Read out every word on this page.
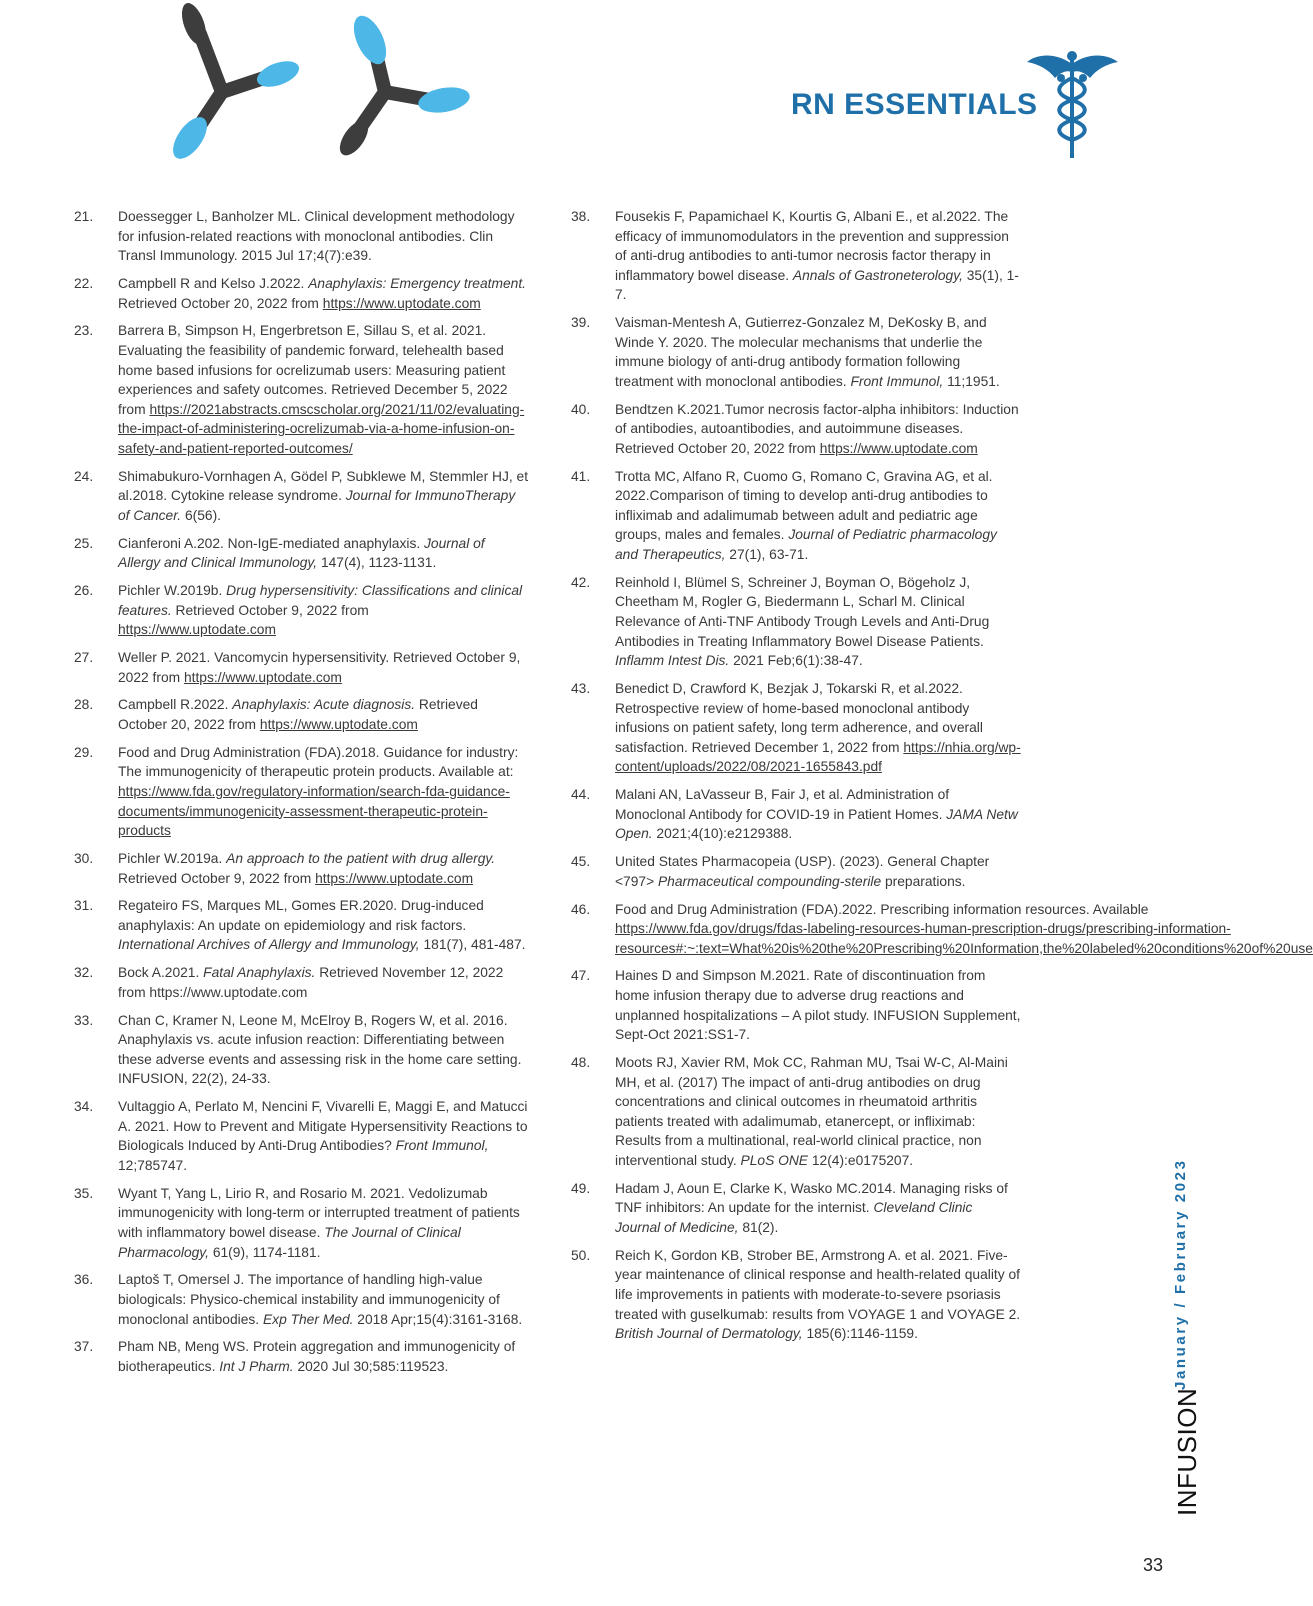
RN ESSENTIALS
21.	Doessegger L, Banholzer ML. Clinical development methodology for infusion-related reactions with monoclonal antibodies. Clin Transl Immunology. 2015 Jul 17;4(7):e39.
22.	Campbell R and Kelso J.2022. Anaphylaxis: Emergency treatment. Retrieved October 20, 2022 from https://www.uptodate.com
23.	Barrera B, Simpson H, Engerbretson E, Sillau S, et al. 2021. Evaluating the feasibility of pandemic forward, telehealth based home based infusions for ocrelizumab users: Measuring patient experiences and safety outcomes. Retrieved December 5, 2022 from https://2021abstracts.cmscscholar.org/2021/11/02/evaluating-the-impact-of-administering-ocrelizumab-via-a-home-infusion-on-safety-and-patient-reported-outcomes/
24.	Shimabukuro-Vornhagen A, Gödel P, Subklewe M, Stemmler HJ, et al.2018. Cytokine release syndrome. Journal for ImmunoTherapy of Cancer. 6(56).
25.	Cianferoni A.202. Non-IgE-mediated anaphylaxis. Journal of Allergy and Clinical Immunology, 147(4), 1123-1131.
26.	Pichler W.2019b. Drug hypersensitivity: Classifications and clinical features. Retrieved October 9, 2022 from https://www.uptodate.com
27.	Weller P. 2021. Vancomycin hypersensitivity. Retrieved October 9, 2022 from https://www.uptodate.com
28.	Campbell R.2022. Anaphylaxis: Acute diagnosis. Retrieved October 20, 2022 from https://www.uptodate.com
29.	Food and Drug Administration (FDA).2018. Guidance for industry: The immunogenicity of therapeutic protein products. Available at: https://www.fda.gov/regulatory-information/search-fda-guidance-documents/immunogenicity-assessment-therapeutic-protein-products
30.	Pichler W.2019a. An approach to the patient with drug allergy. Retrieved October 9, 2022 from https://www.uptodate.com
31.	Regateiro FS, Marques ML, Gomes ER.2020. Drug-induced anaphylaxis: An update on epidemiology and risk factors. International Archives of Allergy and Immunology, 181(7), 481-487.
32.	Bock A.2021. Fatal Anaphylaxis. Retrieved November 12, 2022 from https://www.uptodate.com
33.	Chan C, Kramer N, Leone M, McElroy B, Rogers W, et al. 2016. Anaphylaxis vs. acute infusion reaction: Differentiating between these adverse events and assessing risk in the home care setting. INFUSION, 22(2), 24-33.
34.	Vultaggio A, Perlato M, Nencini F, Vivarelli E, Maggi E, and Matucci A. 2021. How to Prevent and Mitigate Hypersensitivity Reactions to Biologicals Induced by Anti-Drug Antibodies? Front Immunol, 12;785747.
35.	Wyant T, Yang L, Lirio R, and Rosario M. 2021. Vedolizumab immunogenicity with long-term or interrupted treatment of patients with inflammatory bowel disease. The Journal of Clinical Pharmacology, 61(9), 1174-1181.
36.	Laptoš T, Omersel J. The importance of handling high-value biologicals: Physico-chemical instability and immunogenicity of monoclonal antibodies. Exp Ther Med. 2018 Apr;15(4):3161-3168.
37.	Pham NB, Meng WS. Protein aggregation and immunogenicity of biotherapeutics. Int J Pharm. 2020 Jul 30;585:119523.
38.	Fousekis F, Papamichael K, Kourtis G, Albani E., et al.2022. The efficacy of immunomodulators in the prevention and suppression of anti-drug antibodies to anti-tumor necrosis factor therapy in inflammatory bowel disease. Annals of Gastroneterology, 35(1), 1-7.
39.	Vaisman-Mentesh A, Gutierrez-Gonzalez M, DeKosky B, and Winde Y. 2020. The molecular mechanisms that underlie the immune biology of anti-drug antibody formation following treatment with monoclonal antibodies. Front Immunol, 11;1951.
40.	Bendtzen K.2021.Tumor necrosis factor-alpha inhibitors: Induction of antibodies, autoantibodies, and autoimmune diseases. Retrieved October 20, 2022 from https://www.uptodate.com
41.	Trotta MC, Alfano R, Cuomo G, Romano C, Gravina AG, et al. 2022.Comparison of timing to develop anti-drug antibodies to infliximab and adalimumab between adult and pediatric age groups, males and females. Journal of Pediatric pharmacology and Therapeutics, 27(1), 63-71.
42.	Reinhold I, Blümel S, Schreiner J, Boyman O, Bögeholz J, Cheetham M, Rogler G, Biedermann L, Scharl M. Clinical Relevance of Anti-TNF Antibody Trough Levels and Anti-Drug Antibodies in Treating Inflammatory Bowel Disease Patients. Inflamm Intest Dis. 2021 Feb;6(1):38-47.
43.	Benedict D, Crawford K, Bezjak J, Tokarski R, et al.2022. Retrospective review of home-based monoclonal antibody infusions on patient safety, long term adherence, and overall satisfaction. Retrieved December 1, 2022 from https://nhia.org/wp-content/uploads/2022/08/2021-1655843.pdf
44.	Malani AN, LaVasseur B, Fair J, et al. Administration of Monoclonal Antibody for COVID-19 in Patient Homes. JAMA Netw Open. 2021;4(10):e2129388.
45.	United States Pharmacopeia (USP). (2023). General Chapter <797> Pharmaceutical compounding-sterile preparations.
46.	Food and Drug Administration (FDA).2022. Prescribing information resources. Available https://www.fda.gov/drugs/fdas-labeling-resources-human-prescription-drugs/prescribing-information-resources#:~:text=What%20is%20the%20Prescribing%20Information,the%20labeled%20conditions%20of%20use
47.	Haines D and Simpson M.2021. Rate of discontinuation from home infusion therapy due to adverse drug reactions and unplanned hospitalizations – A pilot study. INFUSION Supplement, Sept-Oct 2021:SS1-7.
48.	Moots RJ, Xavier RM, Mok CC, Rahman MU, Tsai W-C, Al-Maini MH, et al. (2017) The impact of anti-drug antibodies on drug concentrations and clinical outcomes in rheumatoid arthritis patients treated with adalimumab, etanercept, or infliximab: Results from a multinational, real-world clinical practice, non interventional study. PLoS ONE 12(4):e0175207.
49.	Hadam J, Aoun E, Clarke K, Wasko MC.2014. Managing risks of TNF inhibitors: An update for the internist. Cleveland Clinic Journal of Medicine, 81(2).
50.	Reich K, Gordon KB, Strober BE, Armstrong A. et al. 2021. Five-year maintenance of clinical response and health-related quality of life improvements in patients with moderate-to-severe psoriasis treated with guselkumab: results from VOYAGE 1 and VOYAGE 2. British Journal of Dermatology, 185(6):1146-1159.	January / February 2023
INFUSION
33
